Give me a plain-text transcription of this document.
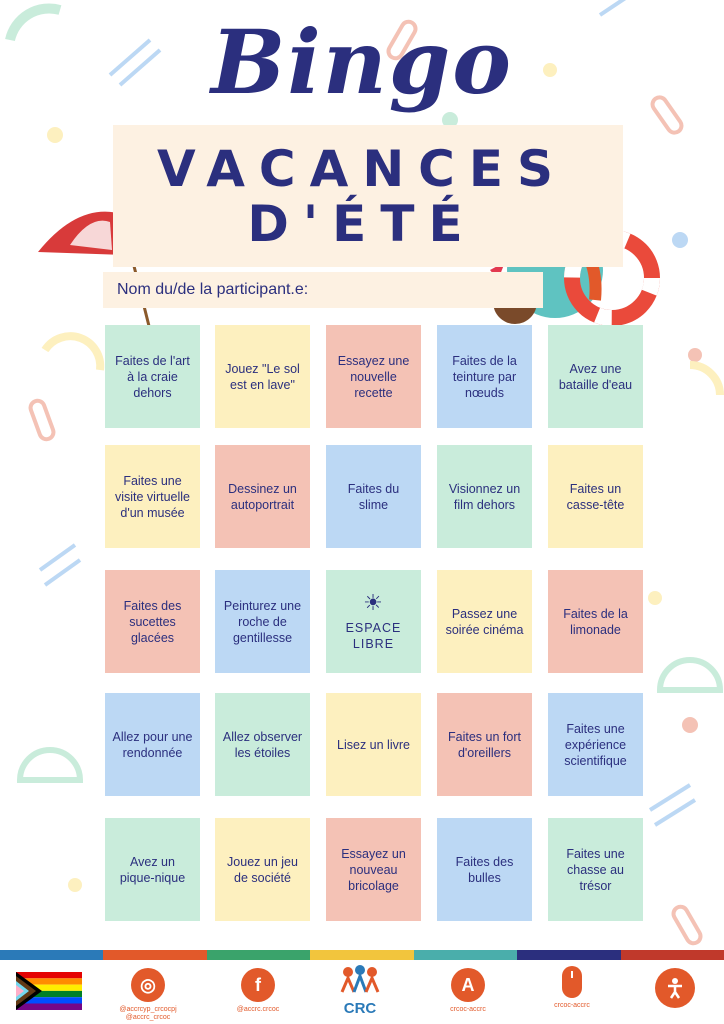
Bingo
VACANCES
D'ÉTÉ
Nom du/de la participant.e:
Faites de l'art à la craie dehors
Jouez "Le sol est en lave"
Essayez une nouvelle recette
Faites de la teinture par nœuds
Avez une bataille d'eau
Faites une visite virtuelle d'un musée
Dessinez un autoportrait
Faites du slime
Visionnez un film dehors
Faites un casse-tête
Faites des sucettes glacées
Peinturez une roche de gentillesse
☀
ESPACE LIBRE
Passez une soirée cinéma
Faites de la limonade
Allez pour une rendonnée
Allez observer les étoiles
Lisez un livre
Faites un fort d'oreillers
Faites une expérience scientifique
Avez un pique-nique
Jouez un jeu de société
Essayez un nouveau bricolage
Faites des bulles
Faites une chasse au trésor
◎
@accrcyp_crcocpj
@accrc_crcoc
f
@accrc.crcoc	CRC
A
crcoc-accrc
crcoc-accrc
